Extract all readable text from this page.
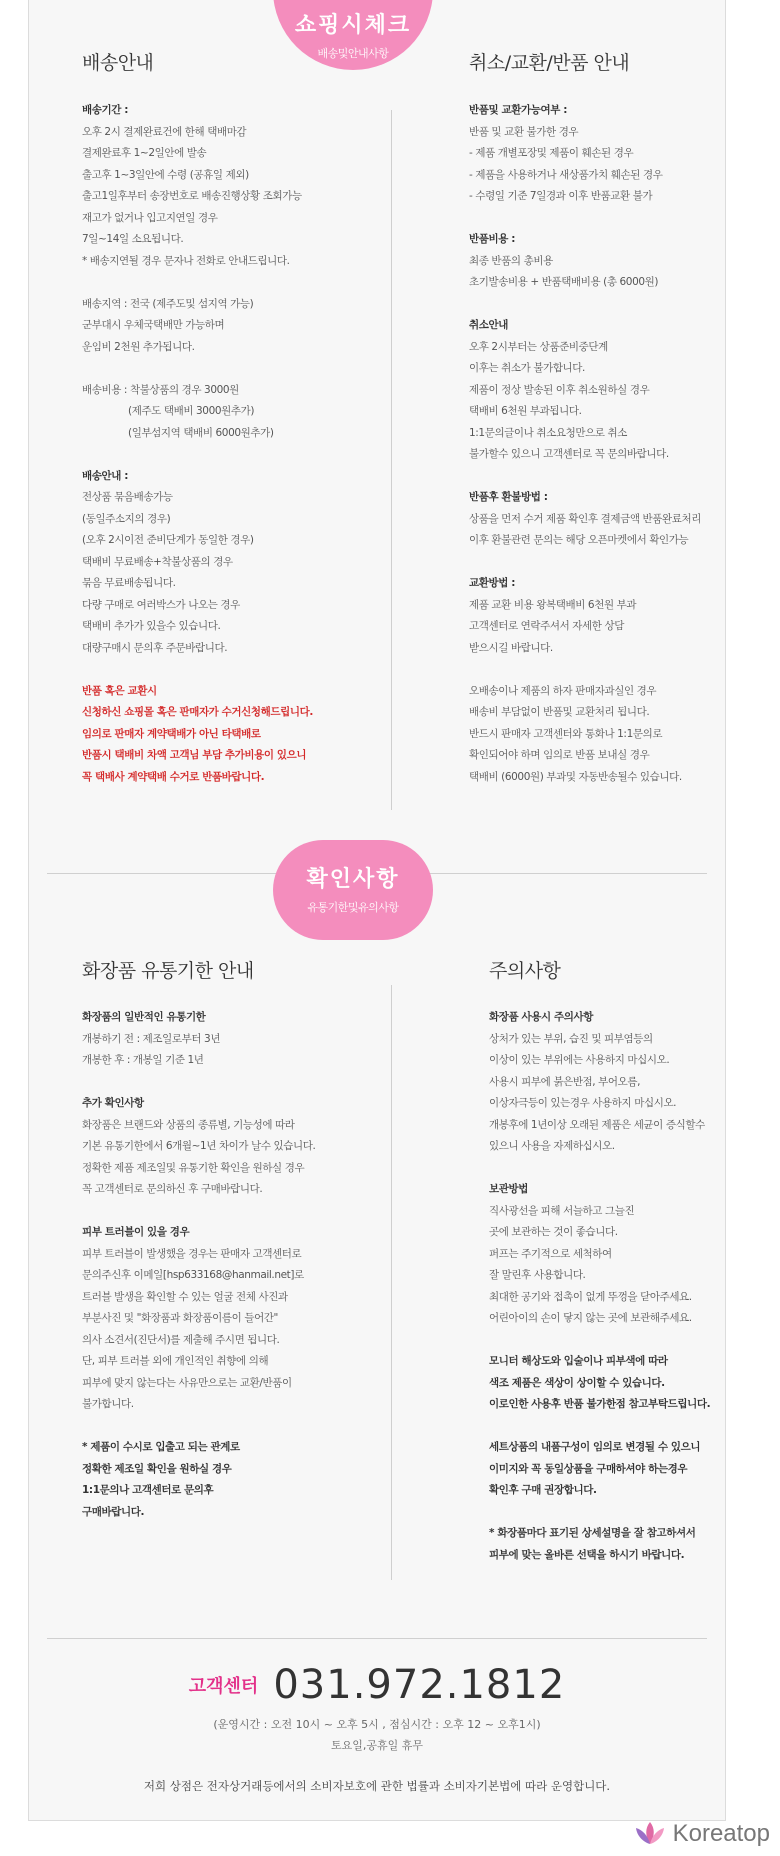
쇼핑시체크
배송및안내사항
배송안내	취소/교환/반품 안내
배송기간 :
오후 2시 결제완료건에 한해 택배마감
결제완료후 1~2일안에 발송
출고후 1~3일안에 수령 (공휴일 제외)
출고1일후부터 송장번호로 배송진행상황 조회가능
재고가 없거나 입고지연일 경우
7일~14일 소요됩니다.
* 배송지연될 경우 문자나 전화로 안내드립니다.
배송지역 : 전국 (제주도및 섬지역 가능)
군부대시 우체국택배만 가능하며
운임비 2천원 추가됩니다.
배송비용 : 착불상품의 경우 3000원
(제주도 택배비 3000원추가)
(일부섬지역 택배비 6000원추가)
배송안내 :
전상품 묶음배송가능
(동일주소지의 경우)
(오후 2시이전 준비단계가 동일한 경우)
택배비 무료배송+착불상품의 경우
묶음 무료배송됩니다.
다량 구매로 여러박스가 나오는 경우
택배비 추가가 있을수 있습니다.
대량구매시 문의후 주문바랍니다.
반품 혹은 교환시
신청하신 쇼핑몰 혹은 판매자가 수거신청해드립니다.
임의로 판매자 계약택배가 아닌 타택배로
반품시 택배비 차액 고객님 부담 추가비용이 있으니
꼭 택배사 계약택배 수거로 반품바랍니다.
반품및 교환가능여부 :
반품 및 교환 불가한 경우
- 제품 개별포장및 제품이 훼손된 경우
- 제품을 사용하거나 새상품가치 훼손된 경우
- 수령일 기준 7일경과 이후 반품교환 불가
반품비용 :
최종 반품의 총비용
초기발송비용 + 반품택배비용 (총 6000원)
취소안내
오후 2시부터는 상품준비중단계
이후는 취소가 불가합니다.
제품이 정상 발송된 이후 취소원하실 경우
택배비 6천원 부과됩니다.
1:1문의글이나 취소요청만으로 취소
불가할수 있으니 고객센터로 꼭 문의바랍니다.
반품후 환불방법 :
상품을 먼저 수거 제품 확인후 결제금액 반품완료처리
이후 환불관련 문의는 해당 오픈마켓에서 확인가능
교환방법 :
제품 교환 비용 왕복택배비 6천원 부과
고객센터로 연락주셔서 자세한 상담
받으시길 바랍니다.
오배송이나 제품의 하자 판매자과실인 경우
배송비 부담없이 반품및 교환처리 됩니다.
반드시 판매자 고객센터와 통화나 1:1문의로
확인되어야 하며 임의로 반품 보내실 경우
택배비 (6000원) 부과및 자동반송될수 있습니다.
확인사항
유통기한및유의사항
화장품 유통기한 안내	주의사항
화장품의 일반적인 유통기한
개봉하기 전 : 제조일로부터 3년
개봉한 후 : 개봉일 기준 1년
추가 확인사항
화장품은 브랜드와 상품의 종류별, 기능성에 따라
기본 유통기한에서 6개월~1년 차이가 날수 있습니다.
정확한 제품 제조일및 유통기한 확인을 원하실 경우
꼭 고객센터로 문의하신 후 구매바랍니다.
피부 트러블이 있을 경우
피부 트러블이 발생했을 경우는 판매자 고객센터로
문의주신후 이메일[hsp633168@hanmail.net]로
트러블 발생을 확인할 수 있는 얼굴 전체 사진과
부분사진 및 "화장품과 화장품이름이 들어간"
의사 소견서(진단서)를 제출해 주시면 됩니다.
단, 피부 트러블 외에 개인적인 취향에 의해
피부에 맞지 않는다는 사유만으로는 교환/반품이
불가합니다.
* 제품이 수시로 입출고 되는 관계로
정확한 제조일 확인을 원하실 경우
1:1문의나 고객센터로 문의후
구매바랍니다.
화장품 사용시 주의사항
상처가 있는 부위, 습진 및 피부염등의
이상이 있는 부위에는 사용하지 마십시오.
사용시 피부에 붉은반점, 부어오름,
이상자극등이 있는경우 사용하지 마십시오.
개봉후에 1년이상 오래된 제품은 세균이 증식할수
있으니 사용을 자제하십시오.
보관방법
직사광선을 피해 서늘하고 그늘진
곳에 보관하는 것이 좋습니다.
퍼프는 주기적으로 세척하여
잘 말린후 사용합니다.
최대한 공기와 접촉이 없게 뚜껑을 닫아주세요.
어린아이의 손이 닿지 않는 곳에 보관해주세요.
모니터 해상도와 입술이나 피부색에 따라
색조 제품은 색상이 상이할 수 있습니다.
이로인한 사용후 반품 불가한점 참고부탁드립니다.
세트상품의 내품구성이 임의로 변경될 수 있으니
이미지와 꼭 동일상품을 구매하셔야 하는경우
확인후 구매 권장합니다.
* 화장품마다 표기된 상세설명을 잘 참고하셔서
피부에 맞는 올바른 선택을 하시기 바랍니다.
고객센터 031.972.1812
(운영시간 : 오전 10시 ~ 오후 5시 , 점심시간 : 오후 12 ~ 오후1시)
토요일,공휴일 휴무
저희 상점은 전자상거래등에서의 소비자보호에 관한 법률과 소비자기본법에 따라 운영합니다.
Koreatop
